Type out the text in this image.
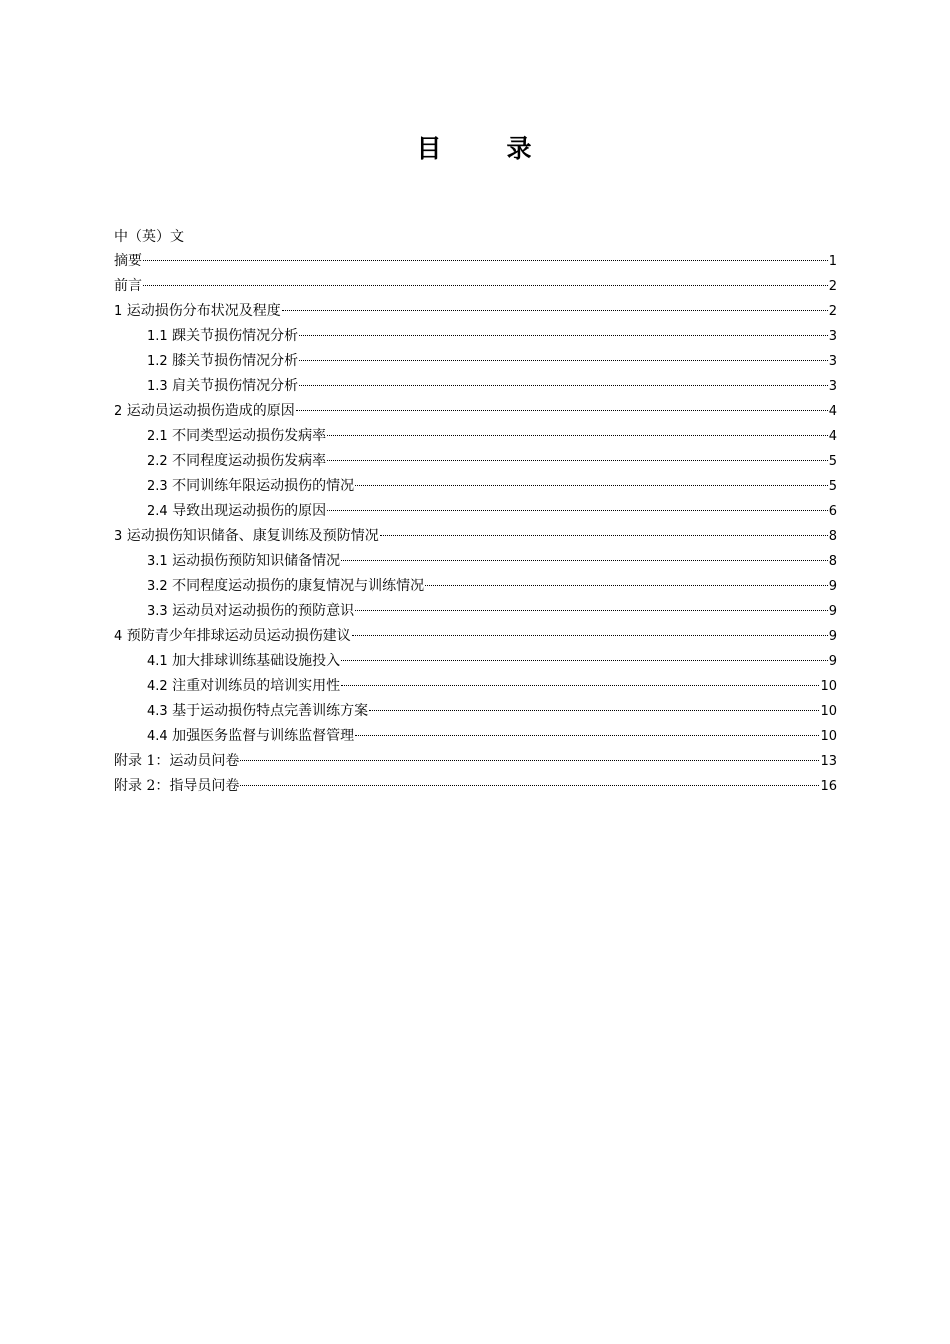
目　录
中（英）文
摘要	1
前言	2
1 运动损伤分布状况及程度	2
1.1 踝关节损伤情况分析	3
1.2 膝关节损伤情况分析	3
1.3 肩关节损伤情况分析	3
2 运动员运动损伤造成的原因	4
2.1 不同类型运动损伤发病率	4
2.2 不同程度运动损伤发病率	5
2.3 不同训练年限运动损伤的情况	5
2.4 导致出现运动损伤的原因	6
3 运动损伤知识储备、康复训练及预防情况	8
3.1 运动损伤预防知识储备情况	8
3.2 不同程度运动损伤的康复情况与训练情况	9
3.3 运动员对运动损伤的预防意识	9
4 预防青少年排球运动员运动损伤建议	9
4.1 加大排球训练基础设施投入	9
4.2 注重对训练员的培训实用性	10
4.3 基于运动损伤特点完善训练方案	10
4.4 加强医务监督与训练监督管理	10
附录 1：运动员问卷	13
附录 2：指导员问卷	16
